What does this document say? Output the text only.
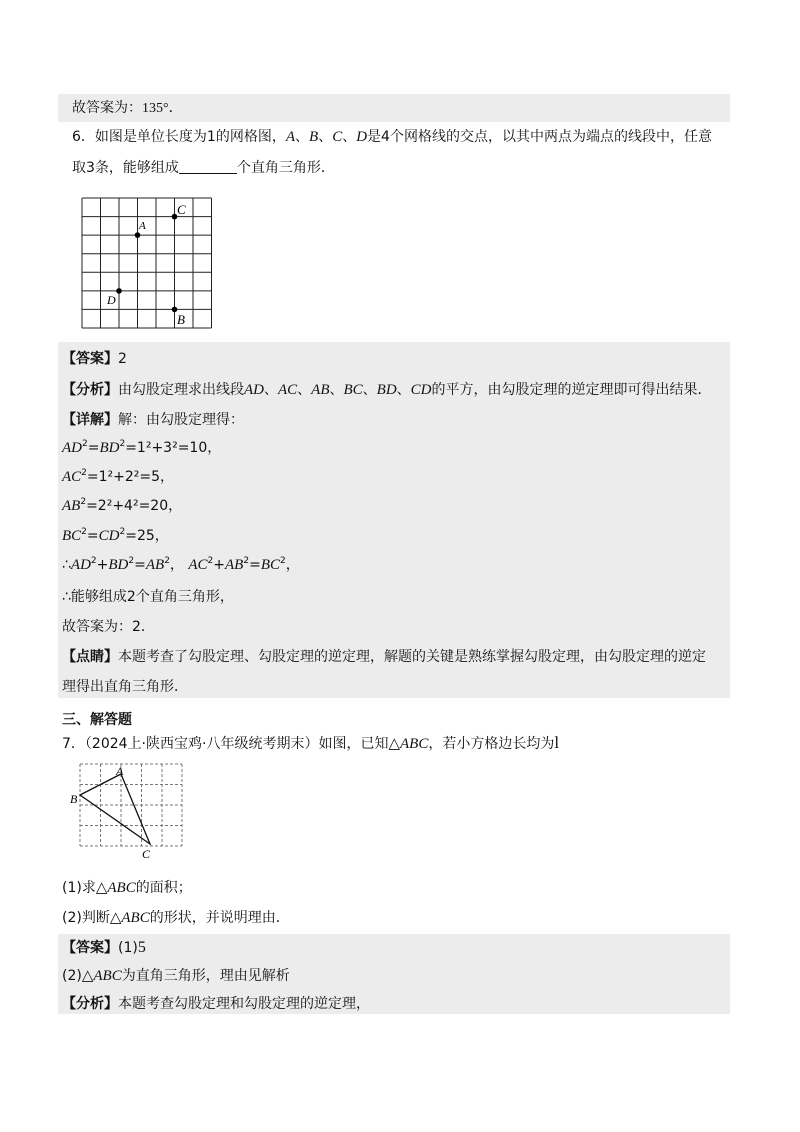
故答案为：135°．
6．如图是单位长度为1的网格图，A、B、C、D是4个网格线的交点，以其中两点为端点的线段中，任意
取3条，能够组成	个直角三角形．
A
C
D
B
【答案】2
【分析】由勾股定理求出线段AD、AC、AB、BC、BD、CD的平方，由勾股定理的逆定理即可得出结果．
【详解】解：由勾股定理得：
$AD^2=BD^2=1^2+3^2=10$，
$AC^2=1^2+2^2=5$，
$AB^2=2^2+4^2=20$，
$BC^2=CD^2=25$，
$\therefore AD^2+BD^2=AB^2$， $AC^2+AB^2=BC^2$，
∴能够组成2个直角三角形，
故答案为：2．
【点睛】本题考查了勾股定理、勾股定理的逆定理，解题的关键是熟练掌握勾股定理，由勾股定理的逆定
理得出直角三角形．
三、解答题
7．（2024上·陕西宝鸡·八年级统考期末）如图，已知△ABC，若小方格边长均为l
A
B
C
(1)求△ABC的面积；
(2)判断△ABC的形状，并说明理由．
【答案】(1)5
(2)△ABC为直角三角形，理由见解析
【分析】本题考查勾股定理和勾股定理的逆定理，
